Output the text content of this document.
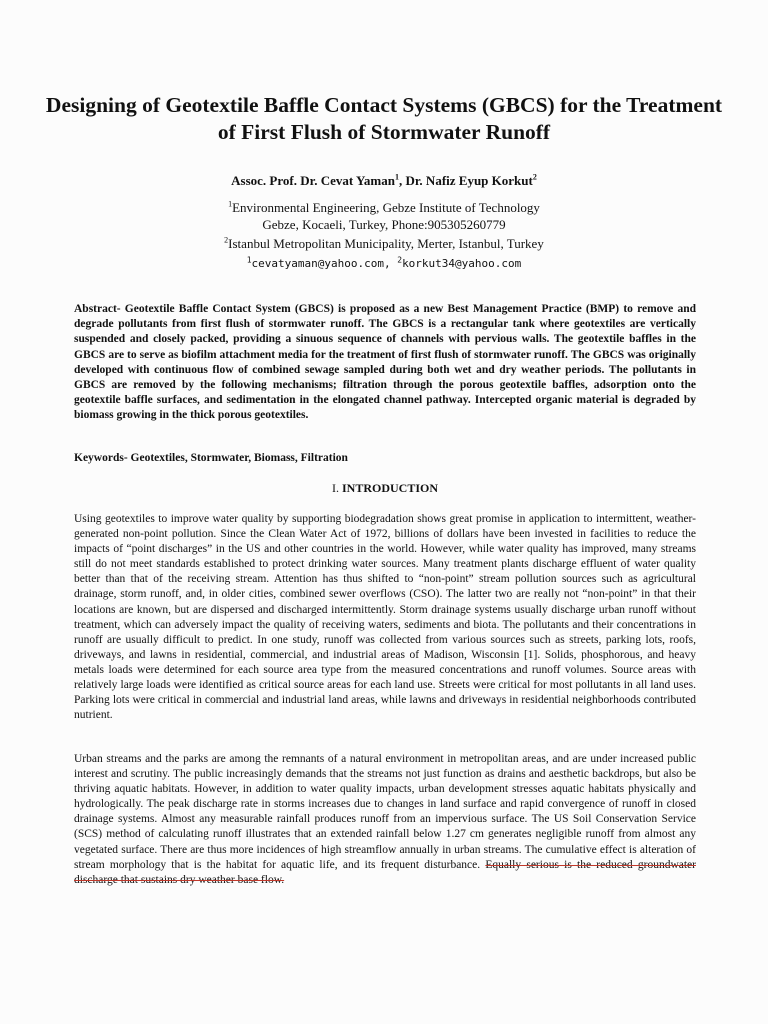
Designing of Geotextile Baffle Contact Systems (GBCS) for the Treatment of First Flush of Stormwater Runoff
Assoc. Prof. Dr. Cevat Yaman$^1$, Dr. Nafiz Eyup Korkut$^2$
$^1$Environmental Engineering, Gebze Institute of Technology
Gebze, Kocaeli, Turkey, Phone:905305260779
$^2$Istanbul Metropolitan Municipality, Merter, Istanbul, Turkey
$^1$cevatyaman@yahoo.com, $^2$korkut34@yahoo.com

Abstract- Geotextile Baffle Contact System (GBCS) is proposed as a new Best Management Practice (BMP) to remove and degrade pollutants from first flush of stormwater runoff. The GBCS is a rectangular tank where geotextiles are vertically suspended and closely packed, providing a sinuous sequence of channels with pervious walls. The geotextile baffles in the GBCS are to serve as biofilm attachment media for the treatment of first flush of stormwater runoff. The GBCS was originally developed with continuous flow of combined sewage sampled during both wet and dry weather periods. The pollutants in GBCS are removed by the following mechanisms; filtration through the porous geotextile baffles, adsorption onto the geotextile baffle surfaces, and sedimentation in the elongated channel pathway. Intercepted organic material is degraded by biomass growing in the thick porous geotextiles.

Keywords- Geotextiles, Stormwater, Biomass, Filtration

I. INTRODUCTION

Using geotextiles to improve water quality by supporting biodegradation shows great promise in application to intermittent, weather-generated non-point pollution. Since the Clean Water Act of 1972, billions of dollars have been invested in facilities to reduce the impacts of “point discharges” in the US and other countries in the world. However, while water quality has improved, many streams still do not meet standards established to protect drinking water sources. Many treatment plants discharge effluent of water quality better than that of the receiving stream. Attention has thus shifted to “non-point” stream pollution sources such as agricultural drainage, storm runoff, and, in older cities, combined sewer overflows (CSO). The latter two are really not “non-point” in that their locations are known, but are dispersed and discharged intermittently. Storm drainage systems usually discharge urban runoff without treatment, which can adversely impact the quality of receiving waters, sediments and biota. The pollutants and their concentrations in runoff are usually difficult to predict. In one study, runoff was collected from various sources such as streets, parking lots, roofs, driveways, and lawns in residential, commercial, and industrial areas of Madison, Wisconsin [1]. Solids, phosphorous, and heavy metals loads were determined for each source area type from the measured concentrations and runoff volumes. Source areas with relatively large loads were identified as critical source areas for each land use. Streets were critical for most pollutants in all land uses. Parking lots were critical in commercial and industrial land areas, while lawns and driveways in residential neighborhoods contributed nutrient.

Urban streams and the parks are among the remnants of a natural environment in metropolitan areas, and are under increased public interest and scrutiny. The public increasingly demands that the streams not just function as drains and aesthetic backdrops, but also be thriving aquatic habitats. However, in addition to water quality impacts, urban development stresses aquatic habitats physically and hydrologically. The peak discharge rate in storms increases due to changes in land surface and rapid convergence of runoff in closed drainage systems. Almost any measurable rainfall produces runoff from an impervious surface. The US Soil Conservation Service (SCS) method of calculating runoff illustrates that an extended rainfall below 1.27 cm generates negligible runoff from almost any vegetated surface. There are thus more incidences of high streamflow annually in urban streams. The cumulative effect is alteration of stream morphology that is the habitat for aquatic life, and its frequent disturbance. Equally serious is the reduced groundwater discharge that sustains dry weather base flow.
